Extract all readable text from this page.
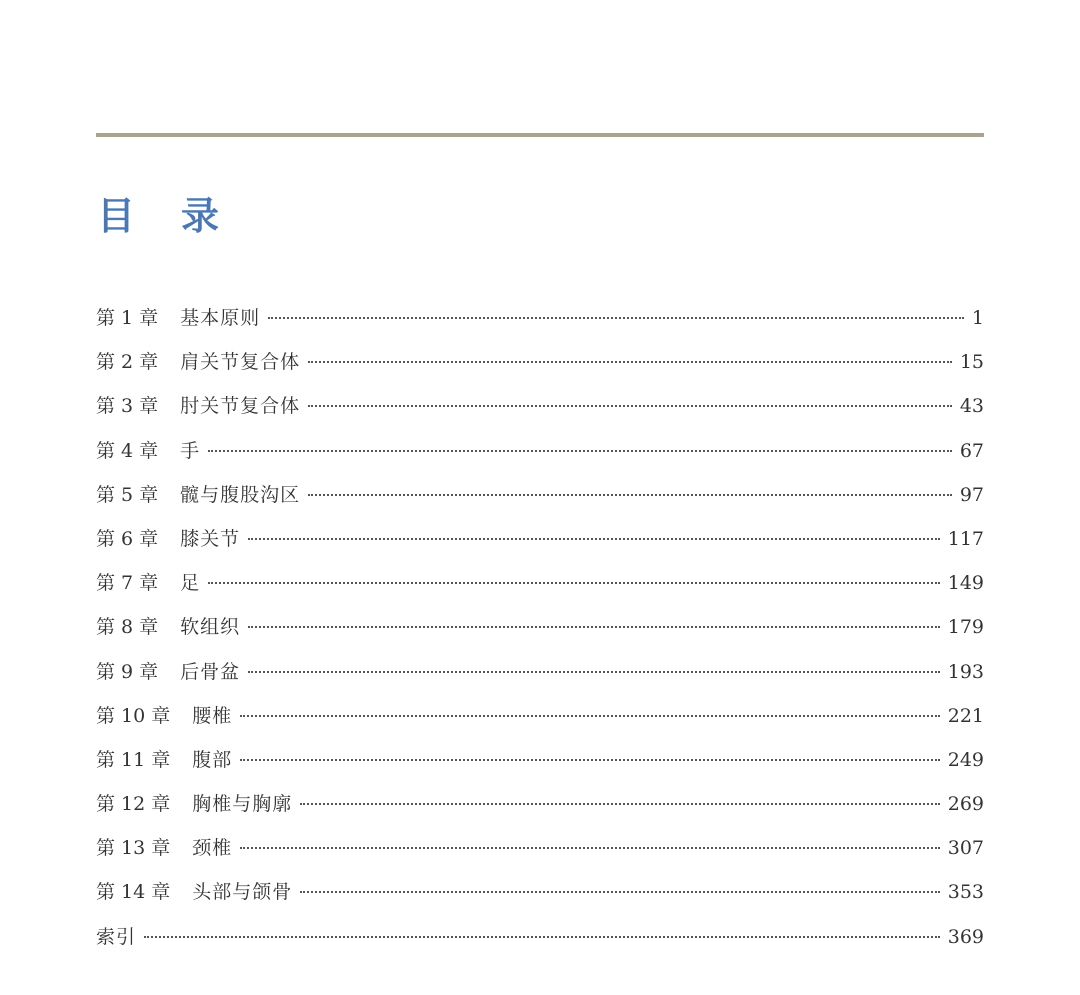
目录
第 1 章	基本原则	1
第 2 章	肩关节复合体	15
第 3 章	肘关节复合体	43
第 4 章	手	67
第 5 章	髋与腹股沟区	97
第 6 章	膝关节	117
第 7 章	足	149
第 8 章	软组织	179
第 9 章	后骨盆	193
第 10 章	腰椎	221
第 11 章	腹部	249
第 12 章	胸椎与胸廓	269
第 13 章	颈椎	307
第 14 章	头部与颌骨	353
索引	369
